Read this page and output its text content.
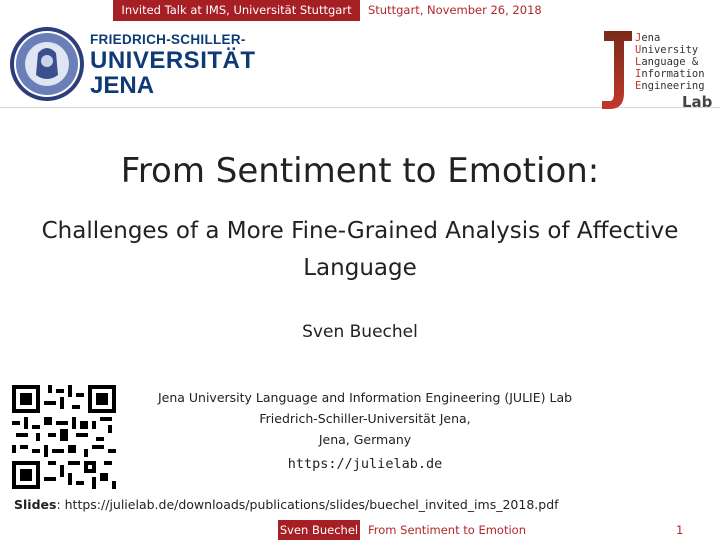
Invited Talk at IMS, Universität Stuttgart	Stuttgart, November 26, 2018
FRIEDRICH-SCHILLER-
UNIVERSITÄT
JENA
Jena
University
Language &
Information
Engineering
Lab
From Sentiment to Emotion:
Challenges of a More Fine-Grained Analysis of Affective Language
Sven Buechel
Jena University Language and Information Engineering (JULIE) Lab
Friedrich-Schiller-Universität Jena,
Jena, Germany
https://julielab.de
Slides: https://julielab.de/downloads/publications/slides/buechel_invited_ims_2018.pdf
Sven Buechel From Sentiment to Emotion	1
